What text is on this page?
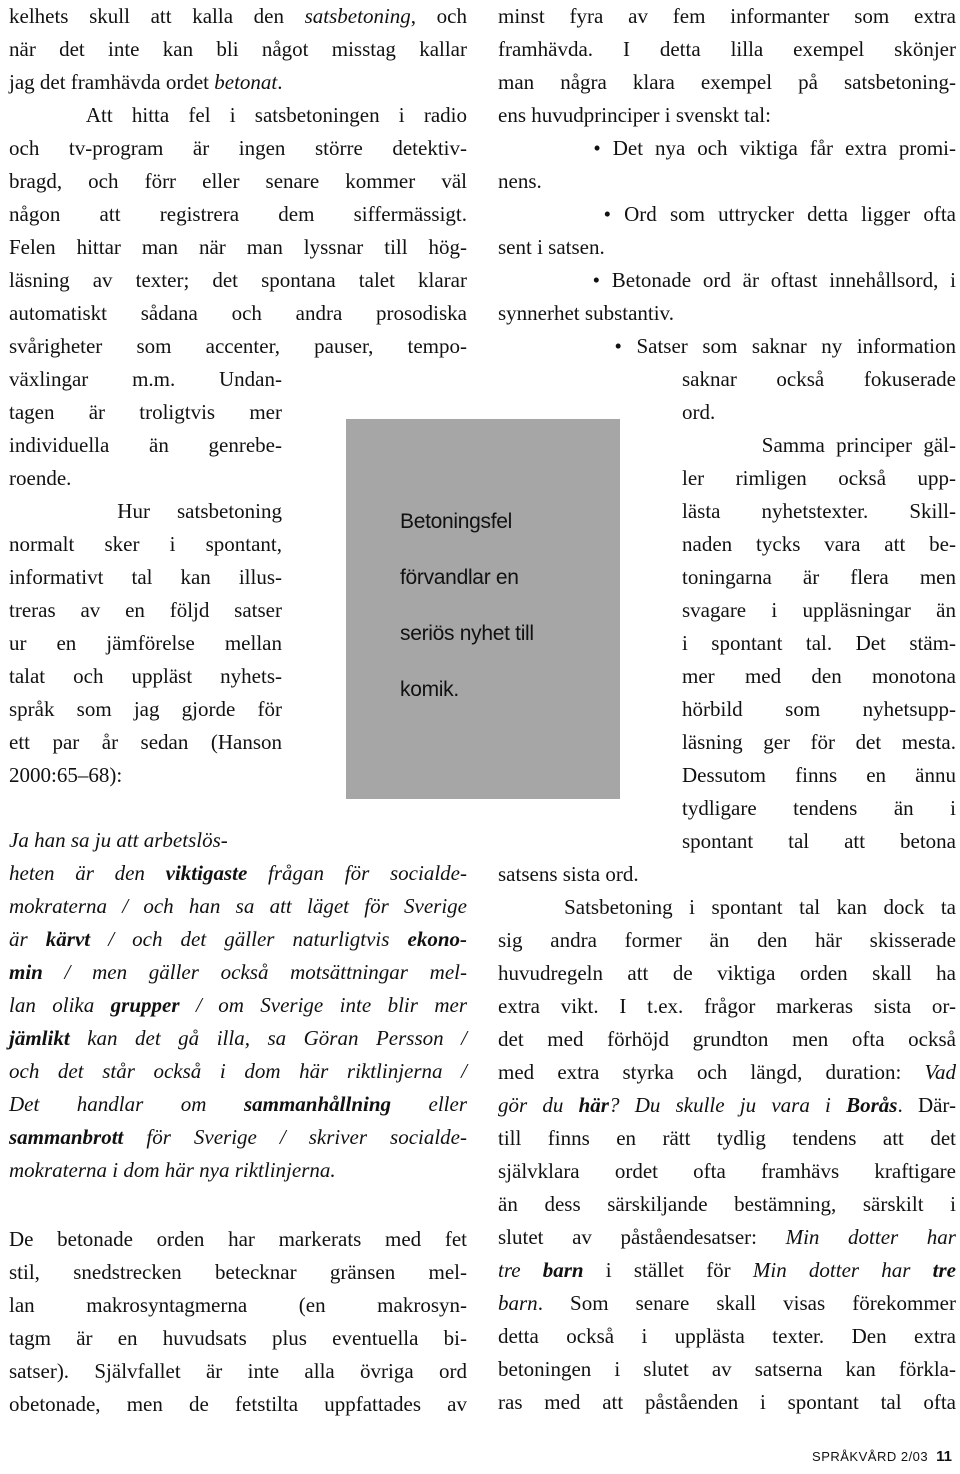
kelhets skull att kalla den satsbetoning, och
när det inte kan bli något misstag kallar
jag det framhävda ordet betonat.
Att hitta fel i satsbetoningen i radio
och tv-program är ingen större detektiv-
bragd, och förr eller senare kommer väl
någon att registrera dem siffermässigt.
Felen hittar man när man lyssnar till hög-
läsning av texter; det spontana talet klarar
automatiskt sådana och andra prosodiska
svårigheter som accenter, pauser, tempo-
växlingar m.m. Undan-
tagen är troligtvis mer
individuella än genrebe-
roende.
Hur satsbetoning
normalt sker i spontant,
informativt tal kan illus-
treras av en följd satser
ur en jämförelse mellan
talat och uppläst nyhets-
språk som jag gjorde för
ett par år sedan (Hanson
2000:65–68):
Ja han sa ju att arbetslös-
heten är den viktigaste frågan för socialde-
mokraterna / och han sa att läget för Sverige
är kärvt / och det gäller naturligtvis ekono-
min / men gäller också motsättningar mel-
lan olika grupper / om Sverige inte blir mer
jämlikt kan det gå illa, sa Göran Persson /
och det står också i dom här riktlinjerna /
Det handlar om sammanhållning eller
sammanbrott för Sverige / skriver socialde-
mokraterna i dom här nya riktlinjerna.
De betonade orden har markerats med fet
stil, snedstrecken betecknar gränsen mel-
lan makrosyntagmerna (en makrosyn-
tagm är en huvudsats plus eventuella bi-
satser). Självfallet är inte alla övriga ord
obetonade, men de fetstilta uppfattades av
minst fyra av fem informanter som extra
framhävda. I detta lilla exempel skönjer
man några klara exempel på satsbetoning-
ens huvudprinciper i svenskt tal:
• Det nya och viktiga får extra promi-
nens.
• Ord som uttrycker detta ligger ofta
sent i satsen.
• Betonade ord är oftast innehållsord, i
synnerhet substantiv.
• Satser som saknar ny information
saknar också fokuserade
ord.
Samma principer gäl-
ler rimligen också upp-
lästa nyhetstexter. Skill-
naden tycks vara att be-
toningarna är flera men
svagare i uppläsningar än
i spontant tal. Det stäm-
mer med den monotona
hörbild som nyhetsupp-
läsning ger för det mesta.
Dessutom finns en ännu
tydligare tendens än i
spontant tal att betona
satsens sista ord.
Satsbetoning i spontant tal kan dock ta
sig andra former än den här skisserade
huvudregeln att de viktiga orden skall ha
extra vikt. I t.ex. frågor markeras sista or-
det med förhöjd grundton men ofta också
med extra styrka och längd, duration: Vad
gör du här? Du skulle ju vara i Borås. Där-
till finns en rätt tydlig tendens att det
självklara ordet ofta framhävs kraftigare
än dess särskiljande bestämning, särskilt i
slutet av påståendesatser: Min dotter har
tre barn i stället för Min dotter har tre
barn. Som senare skall visas förekommer
detta också i upplästa texter. Den extra
betoningen i slutet av satserna kan förkla-
ras med att påståenden i spontant tal ofta
Betoningsfel
förvandlar en
seriös nyhet till
komik.
SPRÅKVÅRD 2/03 11
